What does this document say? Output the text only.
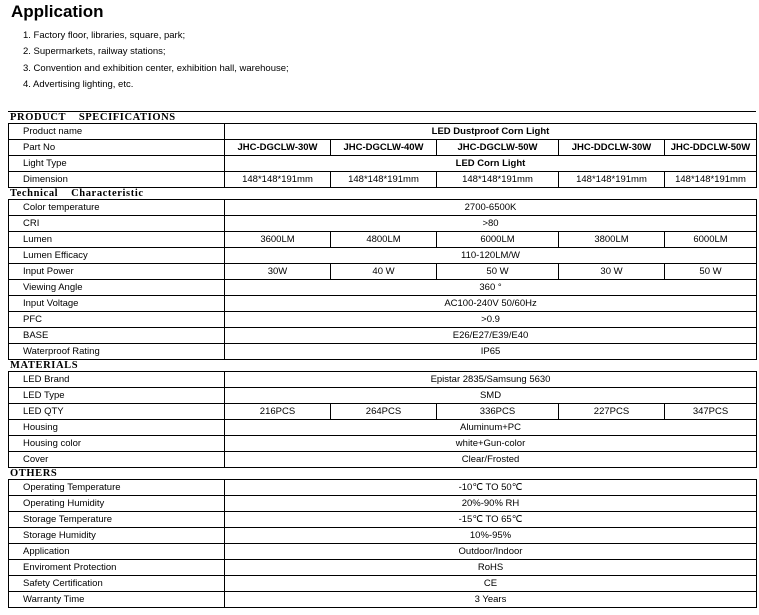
Application
1. Factory floor, libraries, square, park;
2. Supermarkets, railway stations;
3. Convention and exhibition center, exhibition hall, warehouse;
4. Advertising lighting, etc.
PRODUCT    SPECIFICATIONS
Product name	LED Dustproof Corn Light				
Part No	JHC-DGCLW-30W	JHC-DGCLW-40W	JHC-DGCLW-50W	JHC-DDCLW-30W	JHC-DDCLW-50W
Light Type	LED Corn Light				
Dimension	148*148*191mm	148*148*191mm	148*148*191mm	148*148*191mm	148*148*191mm
Technical    Characteristic
Color temperature	2700-6500K				
CRI	>80				
Lumen	3600LM	4800LM	6000LM	3800LM	6000LM
Lumen Efficacy	110-120LM/W				
Input Power	30W	40 W	50 W	30 W	50 W
Viewing Angle	360 °				
Input Voltage	AC100-240V 50/60Hz				
PFC	>0.9				
BASE	E26/E27/E39/E40				
Waterproof Rating	IP65				
MATERIALS
LED Brand	Epistar 2835/Samsung 5630				
LED Type	SMD				
LED QTY	216PCS	264PCS	336PCS	227PCS	347PCS
Housing	Aluminum+PC				
Housing color	white+Gun-color				
Cover	Clear/Frosted				
OTHERS
Operating Temperature	-10℃ TO 50℃
Operating Humidity	20%-90% RH
Storage Temperature	-15℃ TO 65℃
Storage Humidity	10%-95%
Application	Outdoor/Indoor
Enviroment Protection	RoHS
Safety Certification	CE
Warranty Time	3 Years
